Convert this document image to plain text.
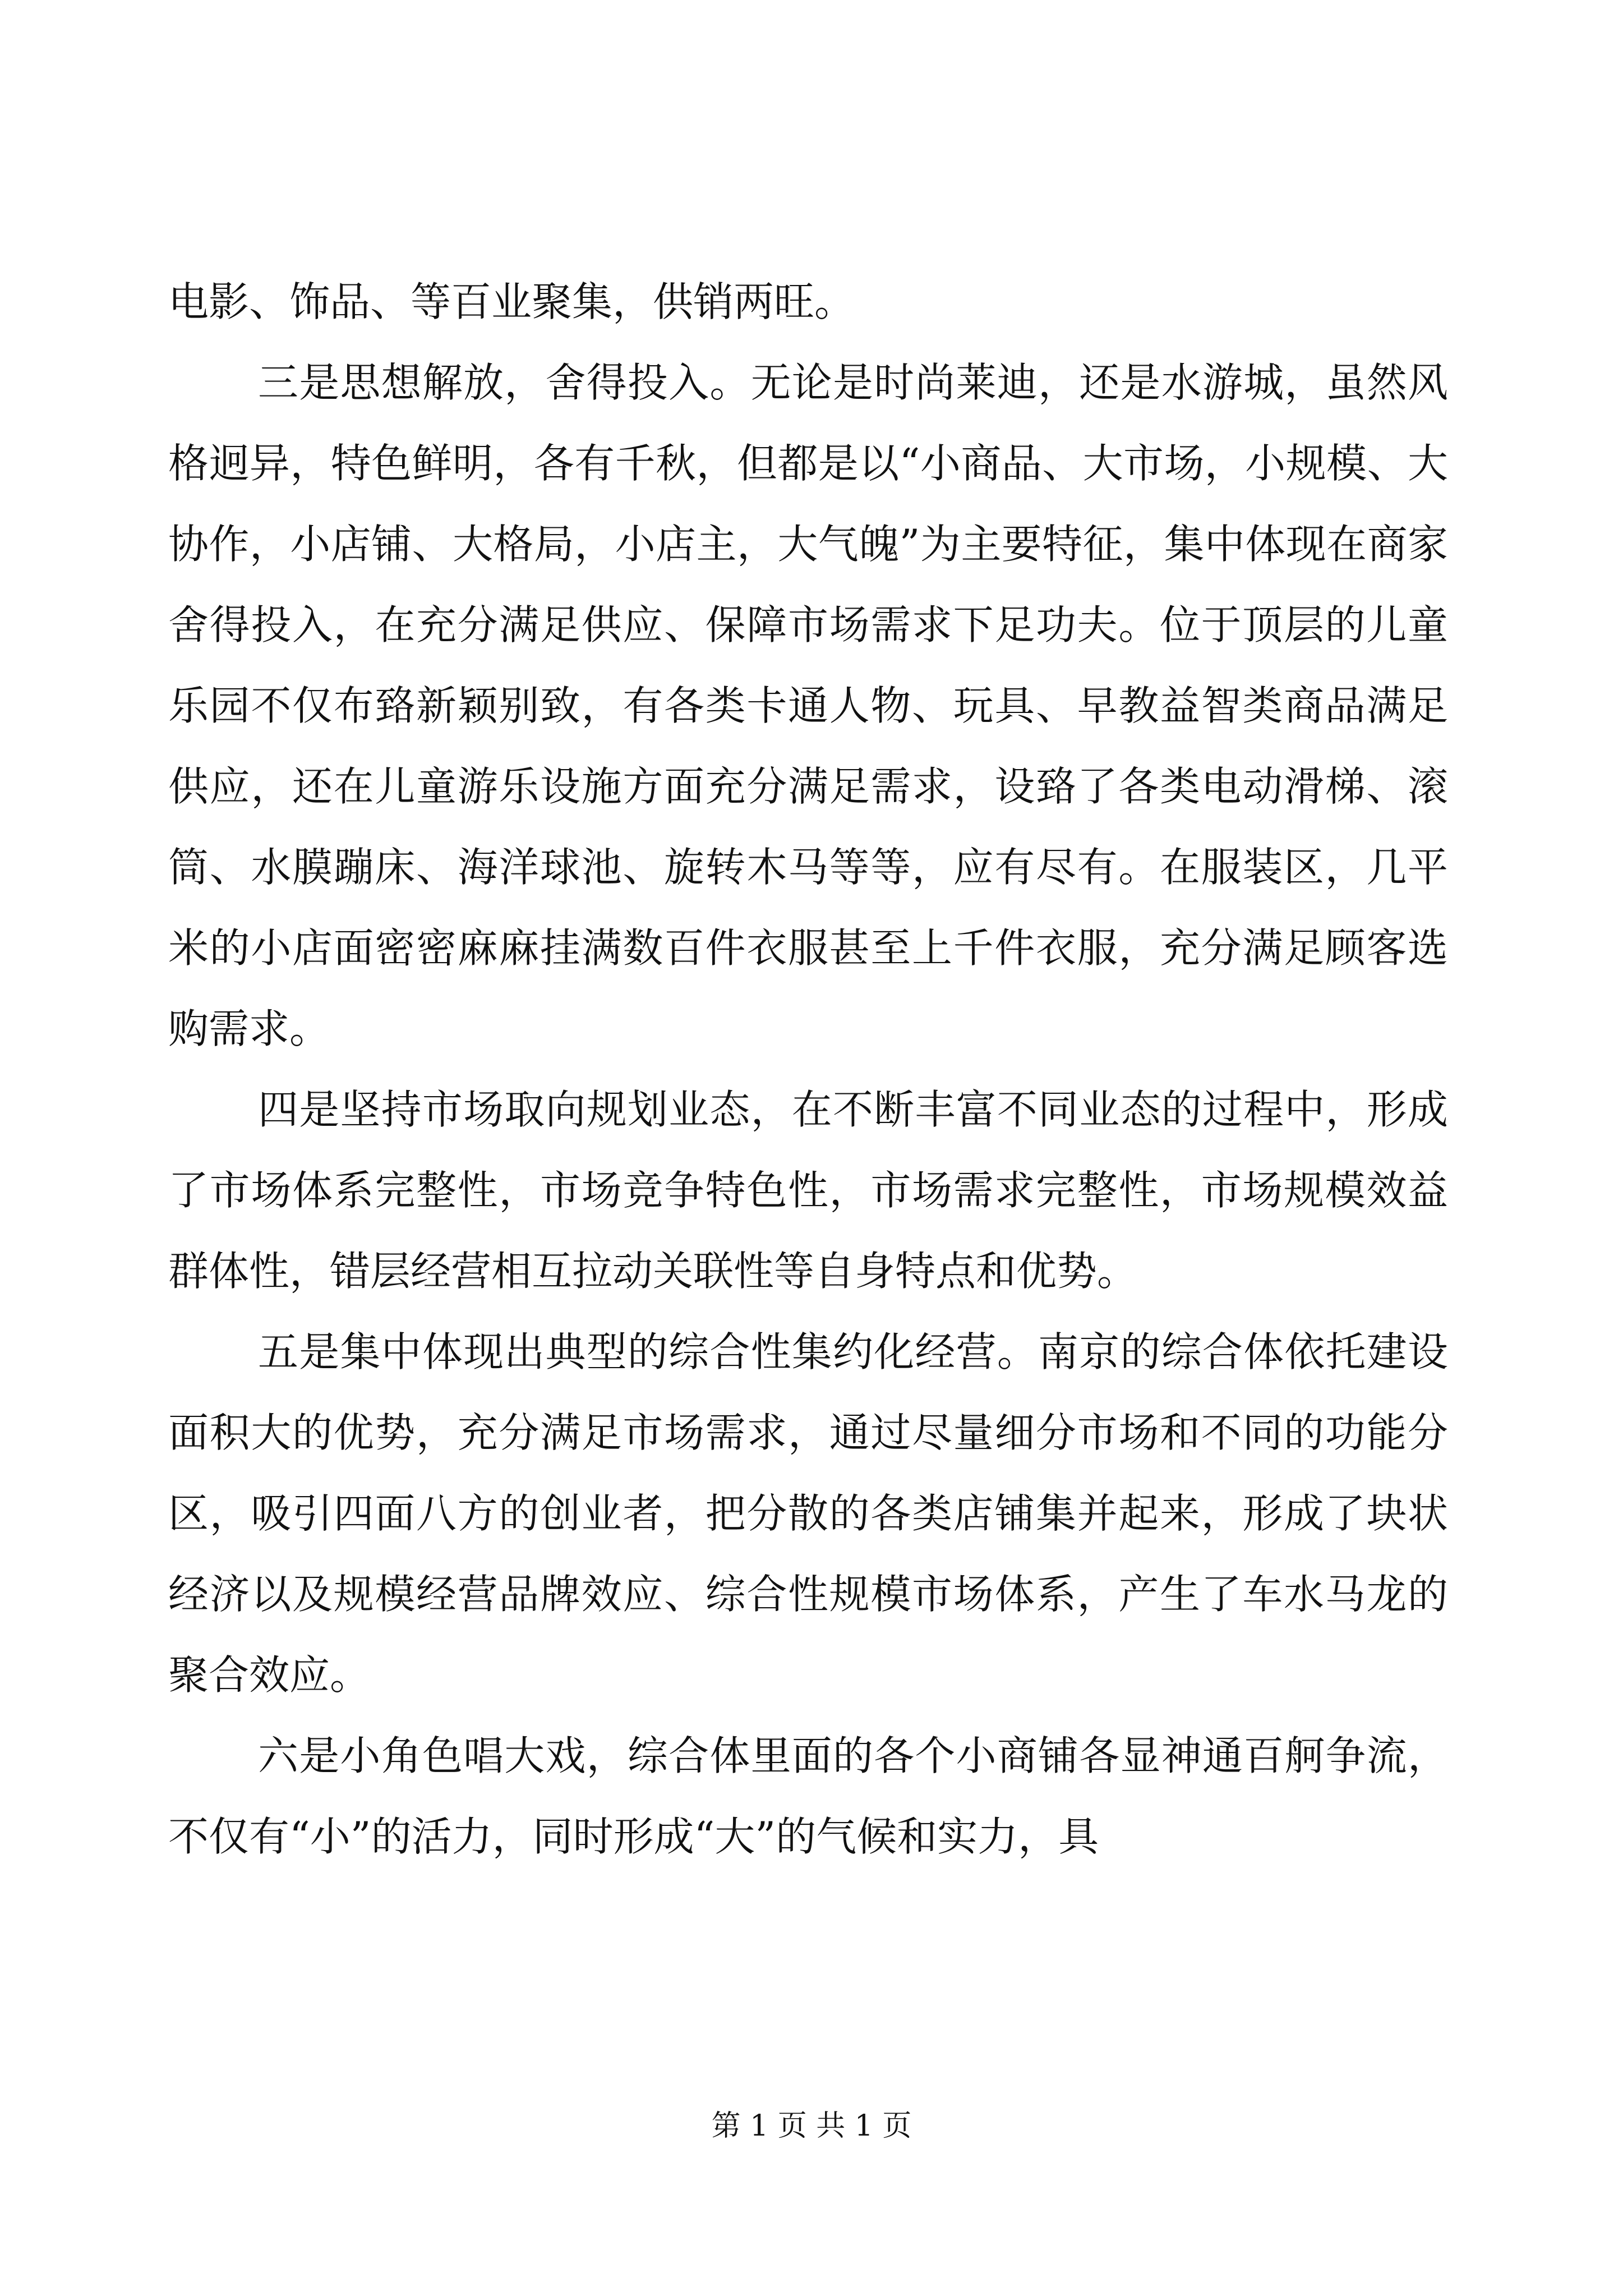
电影、饰品、等百业聚集，供销两旺。

三是思想解放，舍得投入。无论是时尚莱迪，还是水游城，虽然风格迥异，特色鲜明，各有千秋，但都是以“小商品、大市场，小规模、大协作，小店铺、大格局，小店主，大气魄”为主要特征，集中体现在商家舍得投入，在充分满足供应、保障市场需求下足功夫。位于顶层的儿童乐园不仅布臵新颖别致，有各类卡通人物、玩具、早教益智类商品满足供应，还在儿童游乐设施方面充分满足需求，设臵了各类电动滑梯、滚筒、水膜蹦床、海洋球池、旋转木马等等，应有尽有。在服装区，几平米的小店面密密麻麻挂满数百件衣服甚至上千件衣服，充分满足顾客选购需求。

四是坚持市场取向规划业态，在不断丰富不同业态的过程中，形成了市场体系完整性，市场竞争特色性，市场需求完整性，市场规模效益群体性，错层经营相互拉动关联性等自身特点和优势。

五是集中体现出典型的综合性集约化经营。南京的综合体依托建设面积大的优势，充分满足市场需求，通过尽量细分市场和不同的功能分区，吸引四面八方的创业者，把分散的各类店铺集并起来，形成了块状经济以及规模经营品牌效应、综合性规模市场体系，产生了车水马龙的聚合效应。

六是小角色唱大戏，综合体里面的各个小商铺各显神通百舸争流，不仅有“小”的活力，同时形成“大”的气候和实力，具

第 1 页 共 1 页
